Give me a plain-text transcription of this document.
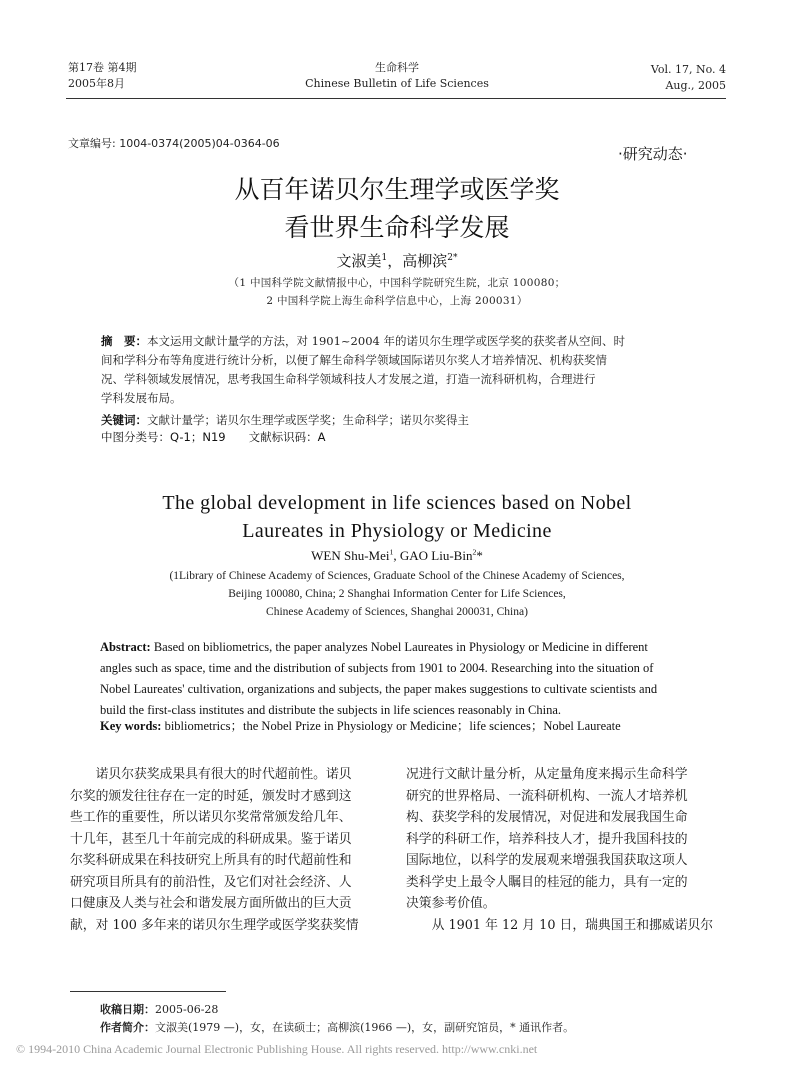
第17卷 第4期
2005年8月
生命科学
Chinese Bulletin of Life Sciences
Vol. 17, No. 4
Aug., 2005
文章编号: 1004-0374(2005)04-0364-06
·研究动态·
从百年诺贝尔生理学或医学奖
看世界生命科学发展
文淑美$^1$，高柳滨$^{2*}$
（1 中国科学院文献情报中心，中国科学院研究生院，北京 100080；
2 中国科学院上海生命科学信息中心，上海 200031）
摘　要：本文运用文献计量学的方法，对 1901~2004 年的诺贝尔生理学或医学奖的获奖者从空间、时
间和学科分布等角度进行统计分析，以便了解生命科学领域国际诺贝尔奖人才培养情况、机构获奖情
况、学科领域发展情况，思考我国生命科学领域科技人才发展之道，打造一流科研机构，合理进行
学科发展布局。
关键词：文献计量学；诺贝尔生理学或医学奖；生命科学；诺贝尔奖得主
中图分类号：Q-1；N19　　文献标识码：A
The global development in life sciences based on Nobel
Laureates in Physiology or Medicine
WEN Shu-Mei$^1$, GAO Liu-Bin$^2$*
(1Library of Chinese Academy of Sciences, Graduate School of the Chinese Academy of Sciences,
Beijing 100080, China; 2 Shanghai Information Center for Life Sciences,
Chinese Academy of Sciences, Shanghai 200031, China)
Abstract: Based on bibliometrics, the paper analyzes Nobel Laureates in Physiology or Medicine in different
angles such as space, time and the distribution of subjects from 1901 to 2004. Researching into the situation of
Nobel Laureates' cultivation, organizations and subjects, the paper makes suggestions to cultivate scientists and
build the first-class institutes and distribute the subjects in life sciences reasonably in China.
Key words: bibliometrics；the Nobel Prize in Physiology or Medicine；life sciences；Nobel Laureate
　　诺贝尔获奖成果具有很大的时代超前性。诺贝
尔奖的颁发往往存在一定的时延，颁发时才感到这
些工作的重要性，所以诺贝尔奖常常颁发给几年、
十几年，甚至几十年前完成的科研成果。鉴于诺贝
尔奖科研成果在科技研究上所具有的时代超前性和
研究项目所具有的前沿性，及它们对社会经济、人
口健康及人类与社会和谐发展方面所做出的巨大贡
献，对 100 多年来的诺贝尔生理学或医学奖获奖情
况进行文献计量分析，从定量角度来揭示生命科学
研究的世界格局、一流科研机构、一流人才培养机
构、获奖学科的发展情况，对促进和发展我国生命
科学的科研工作，培养科技人才，提升我国科技的
国际地位，以科学的发展观来增强我国获取这项人
类科学史上最令人瞩目的桂冠的能力，具有一定的
决策参考价值。
　　从 1901 年 12 月 10 日，瑞典国王和挪威诺贝尔
收稿日期：2005-06-28
作者简介：文淑美(1979 —)，女，在读硕士；高柳滨(1966 —)，女，副研究馆员，* 通讯作者。
© 1994-2010 China Academic Journal Electronic Publishing House. All rights reserved. http://www.cnki.net
